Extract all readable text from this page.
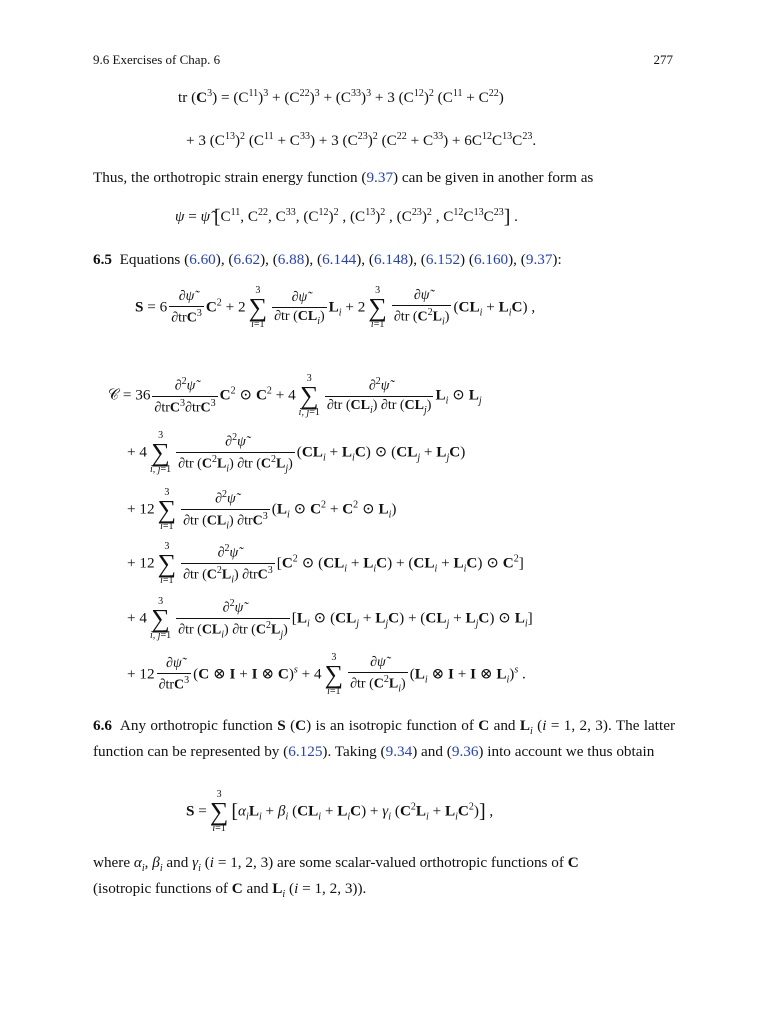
9.6 Exercises of Chap. 6	277
tr $(C^3) = (C^{11})^3 + (C^{22})^3 + (C^{33})^3 + 3$ $(C^{12})^2$ $(C^{11} + C^{22})$
+ 3 $(C^{13})^2$ $(C^{11} + C^{33}) + 3$ $(C^{23})^2$ $(C^{22} + C^{33}) + 6C^{12}C^{13}C^{23}$.
Thus, the orthotropic strain energy function (9.37) can be given in another form as
ψ = ψ̂ [$C^{11}$, $C^{22}$, $C^{33}$, $(C^{12})^2$ , $(C^{13})^2$ , $(C^{23})^2$ , $C^{12}C^{13}C^{23}$] .
6.5 Equations (6.60), (6.62), (6.88), (6.144), (6.148), (6.152) (6.160), (9.37):
$S = 6 \frac{\partial\psĩ}{\partial trC^3} C^2 + 2$
3
∑
$i=1 \frac{\partial\psĩ}{\partial tr (CL_i)} L_i + 2$
3
∑
$i=1 \frac{\partial\psĩ}{\partial tr (C^2L_i)} (CL_i + L_iC)$ ,
𝒞 = $36 \frac{\partial^2\psĩ}{\partial trC^3\partial trC^3} C^2$ ⊙ $C^2 + 4$
3
∑
i, $j=1 \frac{\partial^2\psĩ}{\partial tr (CL_i) \partial tr (CL_j)} L_i$ ⊙ $L_j$
+ 4
3
∑
i, $j=1 \frac{\partial^2\psĩ}{\partial tr (C^2L_i) \partial tr (C^2L_j)} (CL_i + L_iC)$ ⊙ $(CL_j + L_jC)$
+ 12
3
∑
$i=1 \frac{\partial^2\psĩ}{\partial tr (CL_i) \partial trC^3} (L_i$ ⊙ $C^2 + C^2$ ⊙ $L_i$)
+ 12
3
∑
$i=1 \frac{\partial^2\psĩ}{\partial tr (C^2L_i) \partial trC^3} [C^2$ ⊙ $(CL_i + L_iC) + (CL_i + L_iC)$ ⊙ $C^2$]
+ 4
3
∑
i, $j=1 \frac{\partial^2\psĩ}{\partial tr (CL_i) \partial tr (C^2L_j)} [L_i$ ⊙ $(CL_j + L_jC) + (CL_j + L_jC)$ ⊙ $L_i$]
+ $12 \frac{\partial\psĩ}{\partial trC^3} (C$ ⊗ I + I ⊗ C)$^s$ + 4
3
∑
$i=1 \frac{\partial\psĩ}{\partial tr (C^2L_i)} (L_i$ ⊗ I + I ⊗ $L_i)^s$ .
6.6 Any orthotropic function S (C) is an isotropic function of C and $L_i$ (i = 1, 2, 3). The latter function can be represented by (6.125). Taking (9.34) and (9.36) into account we thus obtain
S =
3
∑
i=1
[$\alpha_iL_i + \beta_i$ $(CL_i + L_iC) + \gamma_i$ $(C^2L_i + L_iC^2)$] ,
where $\alpha_i$, $\beta_i$ and $\gamma_i$ (i = 1, 2, 3) are some scalar-valued orthotropic functions of C
(isotropic functions of C and $L_i$ (i = 1, 2, 3)).
